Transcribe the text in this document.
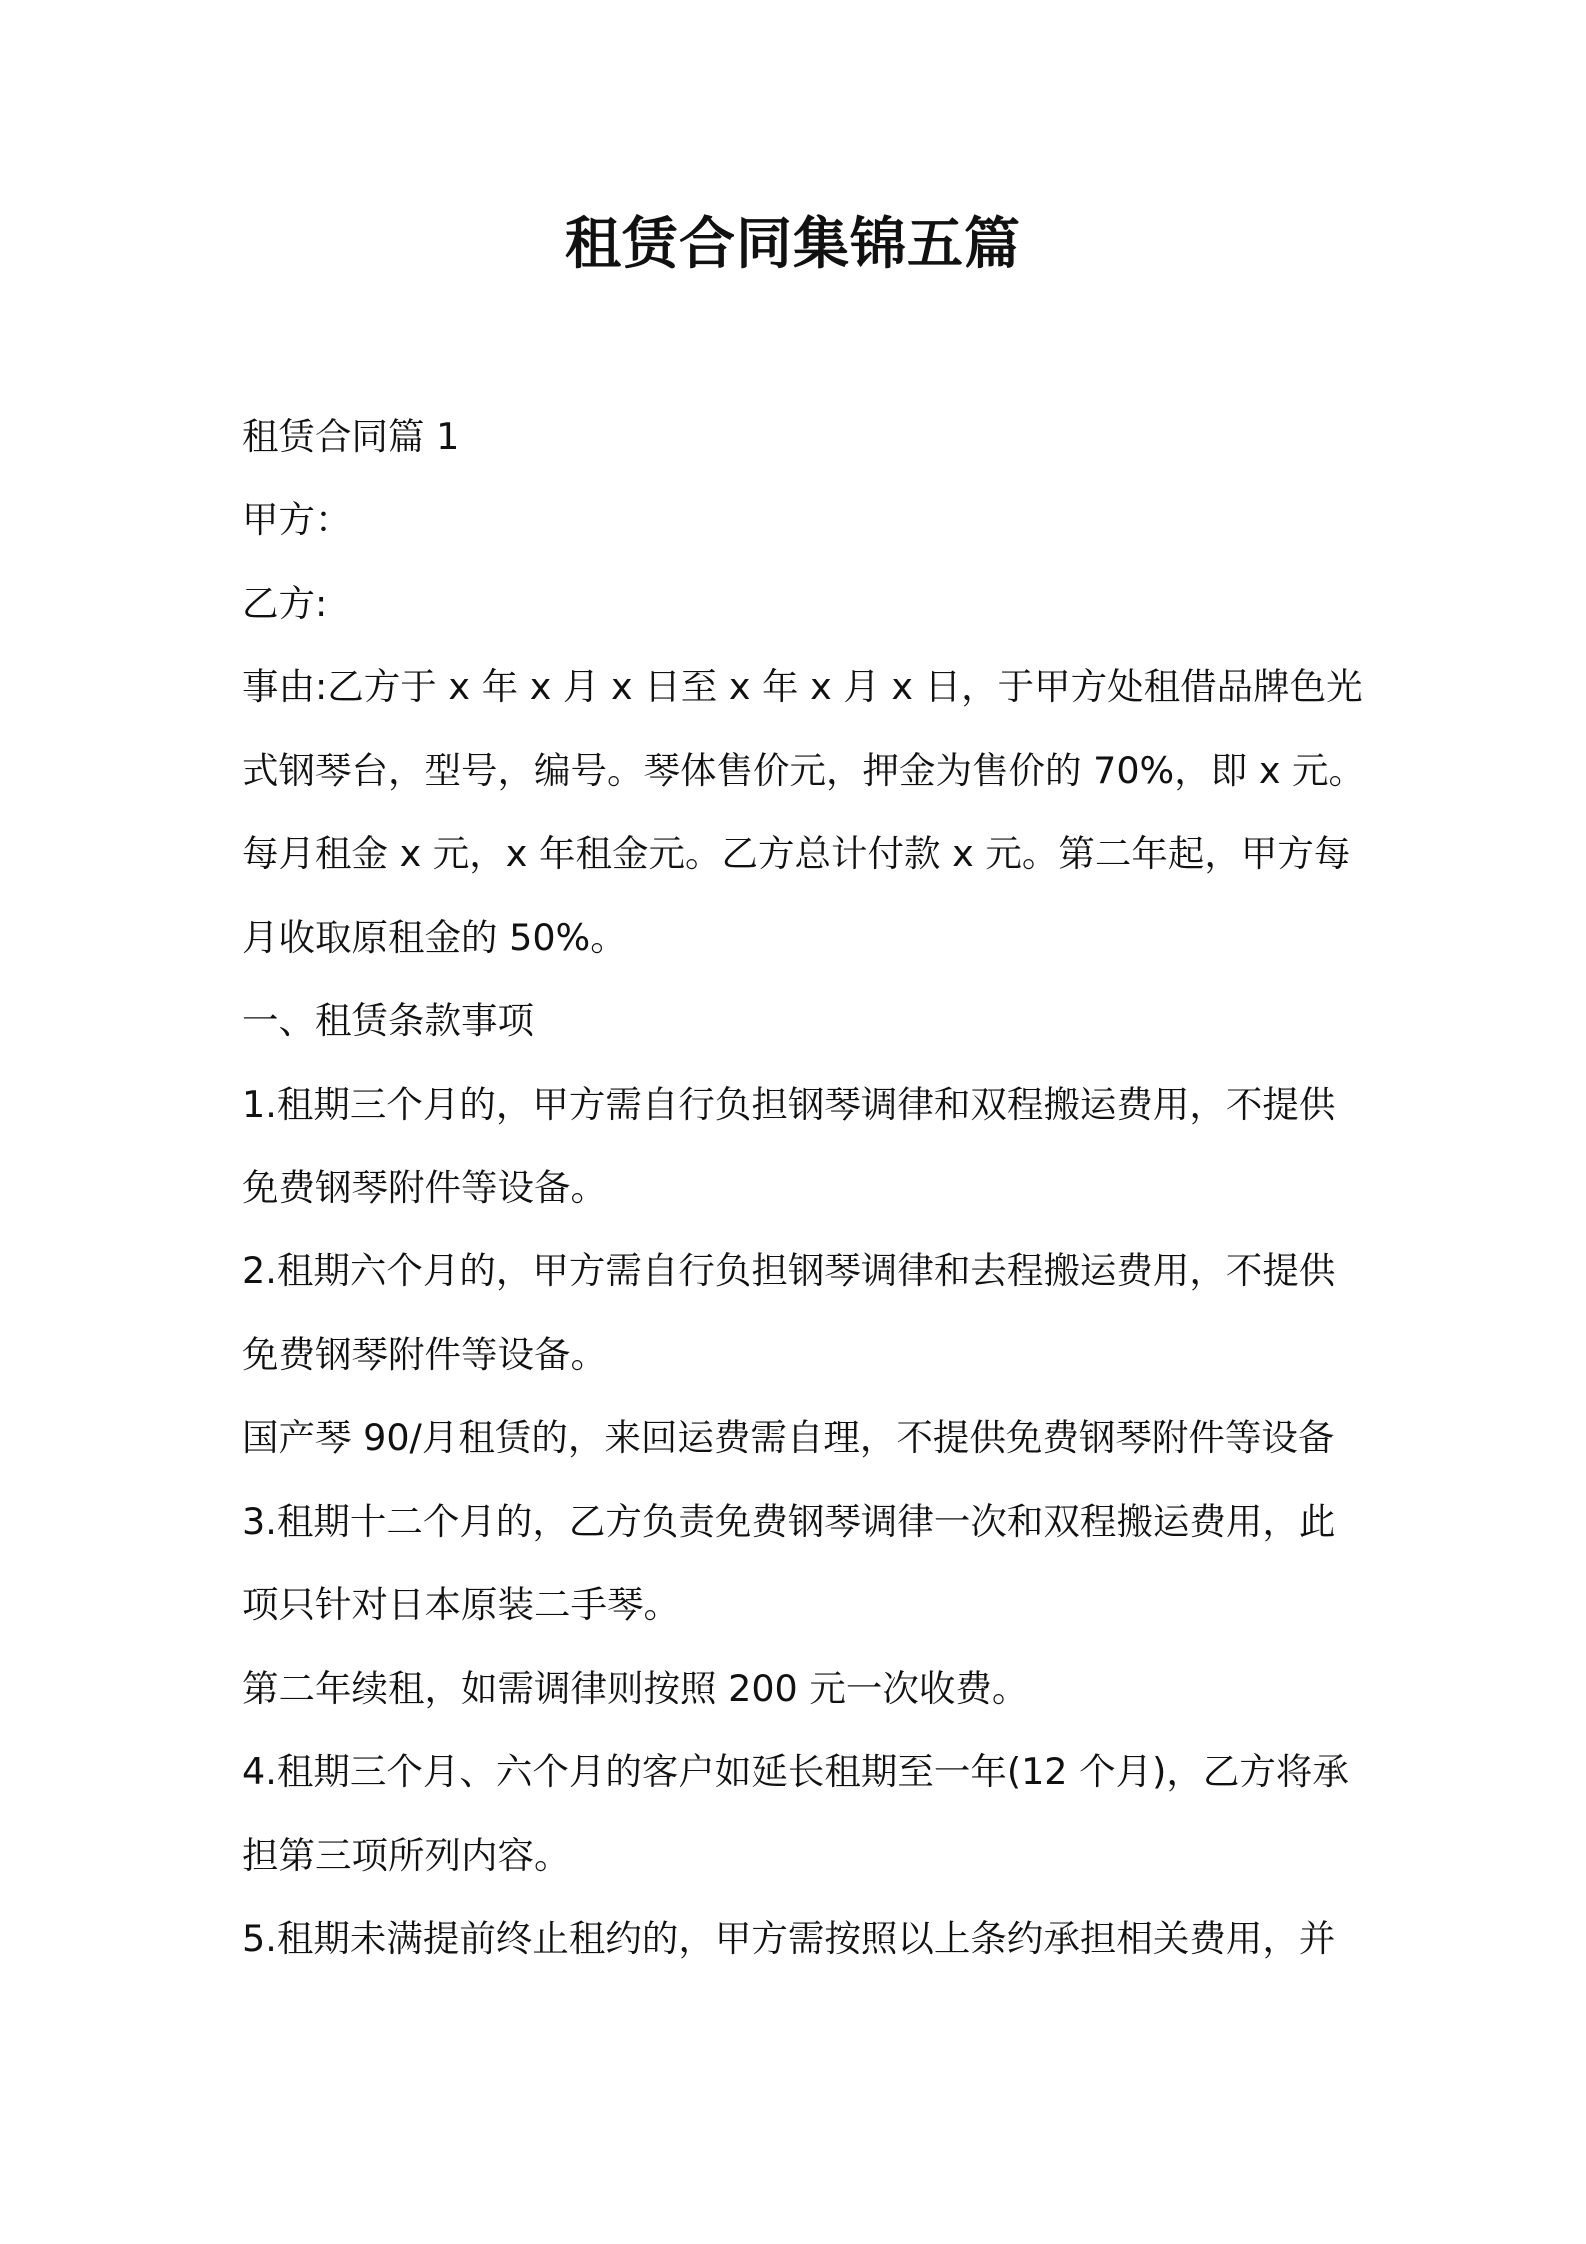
租赁合同集锦五篇
租赁合同篇 1
甲方：
乙方:
事由:乙方于 x 年 x 月 x 日至 x 年 x 月 x 日，于甲方处租借品牌色光
式钢琴台，型号，编号。琴体售价元，押金为售价的 70%，即 x 元。
每月租金 x 元，x 年租金元。乙方总计付款 x 元。第二年起，甲方每
月收取原租金的 50%。
一、租赁条款事项
1.租期三个月的，甲方需自行负担钢琴调律和双程搬运费用，不提供
免费钢琴附件等设备。
2.租期六个月的，甲方需自行负担钢琴调律和去程搬运费用，不提供
免费钢琴附件等设备。
国产琴 90/月租赁的，来回运费需自理，不提供免费钢琴附件等设备
3.租期十二个月的，乙方负责免费钢琴调律一次和双程搬运费用，此
项只针对日本原装二手琴。
第二年续租，如需调律则按照 200 元一次收费。
4.租期三个月、六个月的客户如延长租期至一年(12 个月)，乙方将承
担第三项所列内容。
5.租期未满提前终止租约的，甲方需按照以上条约承担相关费用，并
